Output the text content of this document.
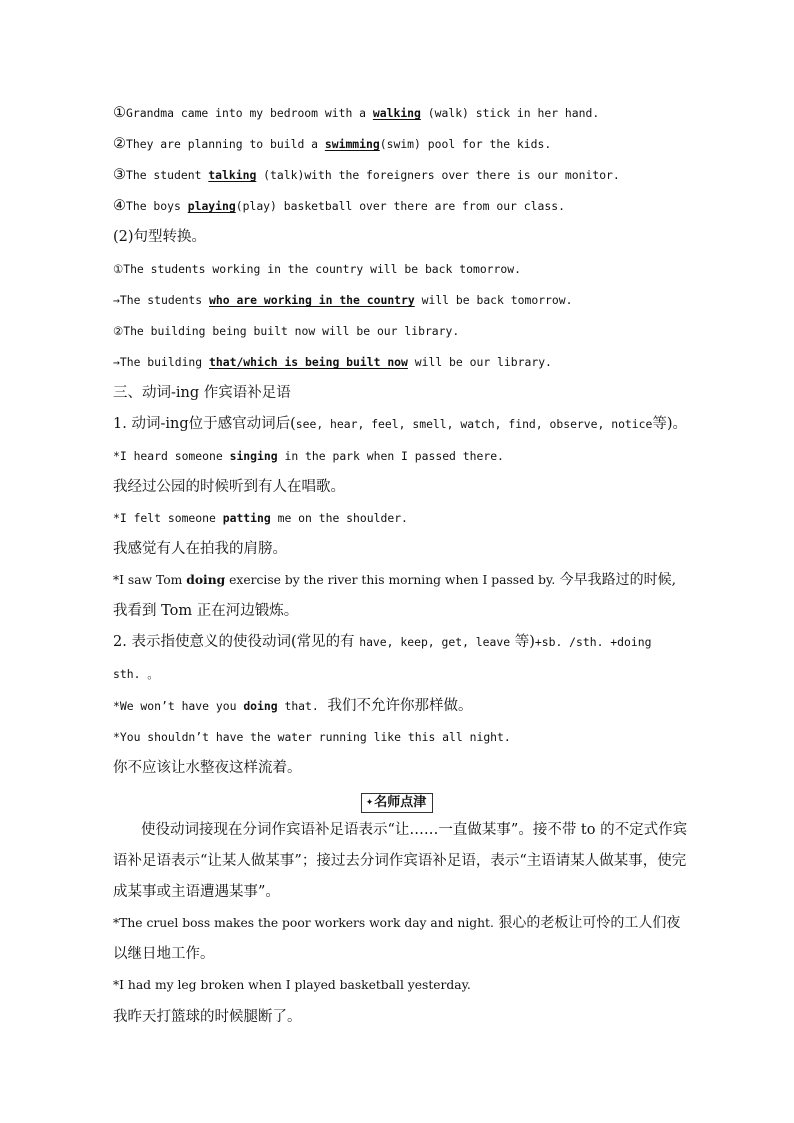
①Grandma came into my bedroom with a walking (walk) stick in her hand.
②They are planning to build a swimming(swim) pool for the kids.
③The student talking (talk)with the foreigners over there is our monitor.
④The boys playing(play) basketball over there are from our class.
(2)句型转换。
①The students working in the country will be back tomorrow.
→The students who are working in the country will be back tomorrow.
②The building being built now will be our library.
→The building that/which is being built now will be our library.
三、动词-ing 作宾语补足语
1. 动词-ing位于感官动词后(see, hear, feel, smell, watch, find, observe, notice等)。
*I heard someone singing in the park when I passed there.
我经过公园的时候听到有人在唱歌。
*I felt someone patting me on the shoulder.
我感觉有人在拍我的肩膀。
*I saw Tom doing exercise by the river this morning when I passed by. 今早我路过的时候,
我看到 Tom 正在河边锻炼。
2. 表示指使意义的使役动词(常见的有 have, keep, get, leave 等)+sb. /sth. +doing
sth. 。
*We won’t have you doing that. 我们不允许你那样做。
*You shouldn’t have the water running like this all night.
你不应该让水整夜这样流着。
✦名师点津
使役动词接现在分词作宾语补足语表示“让……一直做某事”。接不带 to 的不定式作宾
语补足语表示“让某人做某事”；接过去分词作宾语补足语，表示“主语请某人做某事，使完
成某事或主语遭遇某事”。
*The cruel boss makes the poor workers work day and night. 狠心的老板让可怜的工人们夜
以继日地工作。
*I had my leg broken when I played basketball yesterday.
我昨天打篮球的时候腿断了。
